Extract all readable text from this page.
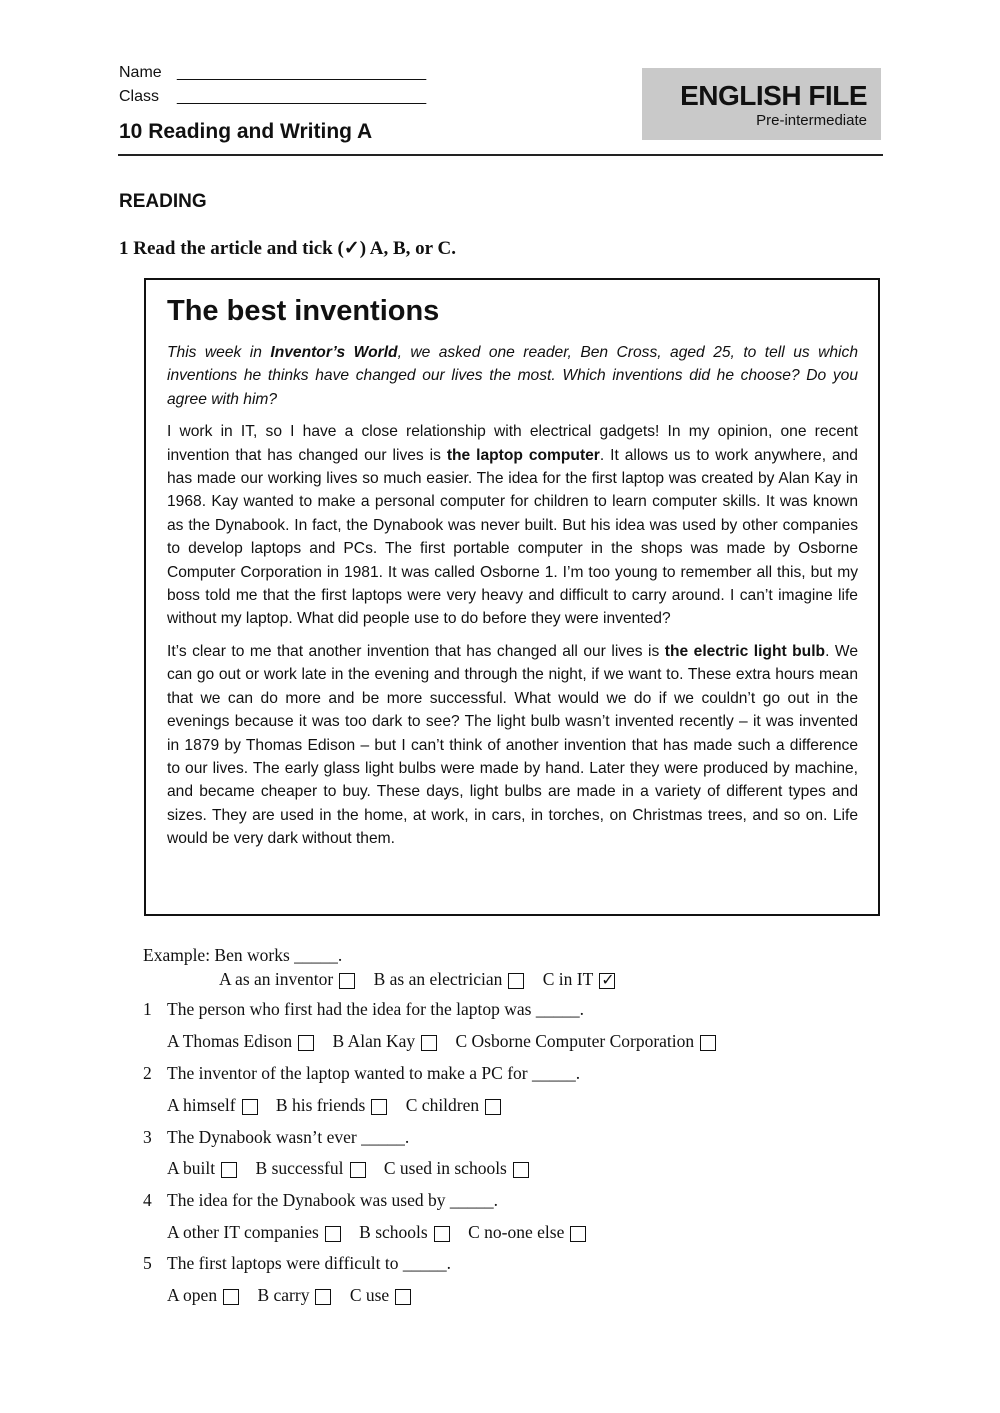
Name ____________________________
Class ____________________________
10 Reading and Writing A
ENGLISH FILE
Pre-intermediate
READING
1 Read the article and tick (✓) A, B, or C.
The best inventions

This week in Inventor’s World, we asked one reader, Ben Cross, aged 25, to tell us which inventions he thinks have changed our lives the most. Which inventions did he choose? Do you agree with him?

I work in IT, so I have a close relationship with electrical gadgets! In my opinion, one recent invention that has changed our lives is the laptop computer. It allows us to work anywhere, and has made our working lives so much easier. The idea for the first laptop was created by Alan Kay in 1968. Kay wanted to make a personal computer for children to learn computer skills. It was known as the Dynabook. In fact, the Dynabook was never built. But his idea was used by other companies to develop laptops and PCs. The first portable computer in the shops was made by Osborne Computer Corporation in 1981. It was called Osborne 1. I’m too young to remember all this, but my boss told me that the first laptops were very heavy and difficult to carry around. I can’t imagine life without my laptop. What did people use to do before they were invented?

It’s clear to me that another invention that has changed all our lives is the electric light bulb. We can go out or work late in the evening and through the night, if we want to. These extra hours mean that we can do more and be more successful. What would we do if we couldn’t go out in the evenings because it was too dark to see? The light bulb wasn’t invented recently – it was invented in 1879 by Thomas Edison – but I can’t think of another invention that has made such a difference to our lives. The early glass light bulbs were made by hand. Later they were produced by machine, and became cheaper to buy. These days, light bulbs are made in a variety of different types and sizes. They are used in the home, at work, in cars, in torches, on Christmas trees, and so on. Life would be very dark without them.

Example: Ben works _____.
A as an inventor
B as an electrician
C in IT
✓
1 The person who first had the idea for the laptop was _____.
A Thomas Edison
B Alan Kay
C Osborne Computer Corporation
2 The inventor of the laptop wanted to make a PC for _____.
A himself
B his friends
C children
3 The Dynabook wasn’t ever _____.
A built
B successful
C used in schools
4 The idea for the Dynabook was used by _____.
A other IT companies
B schools
C no-one else
5 The first laptops were difficult to _____.
A open
B carry
C use
